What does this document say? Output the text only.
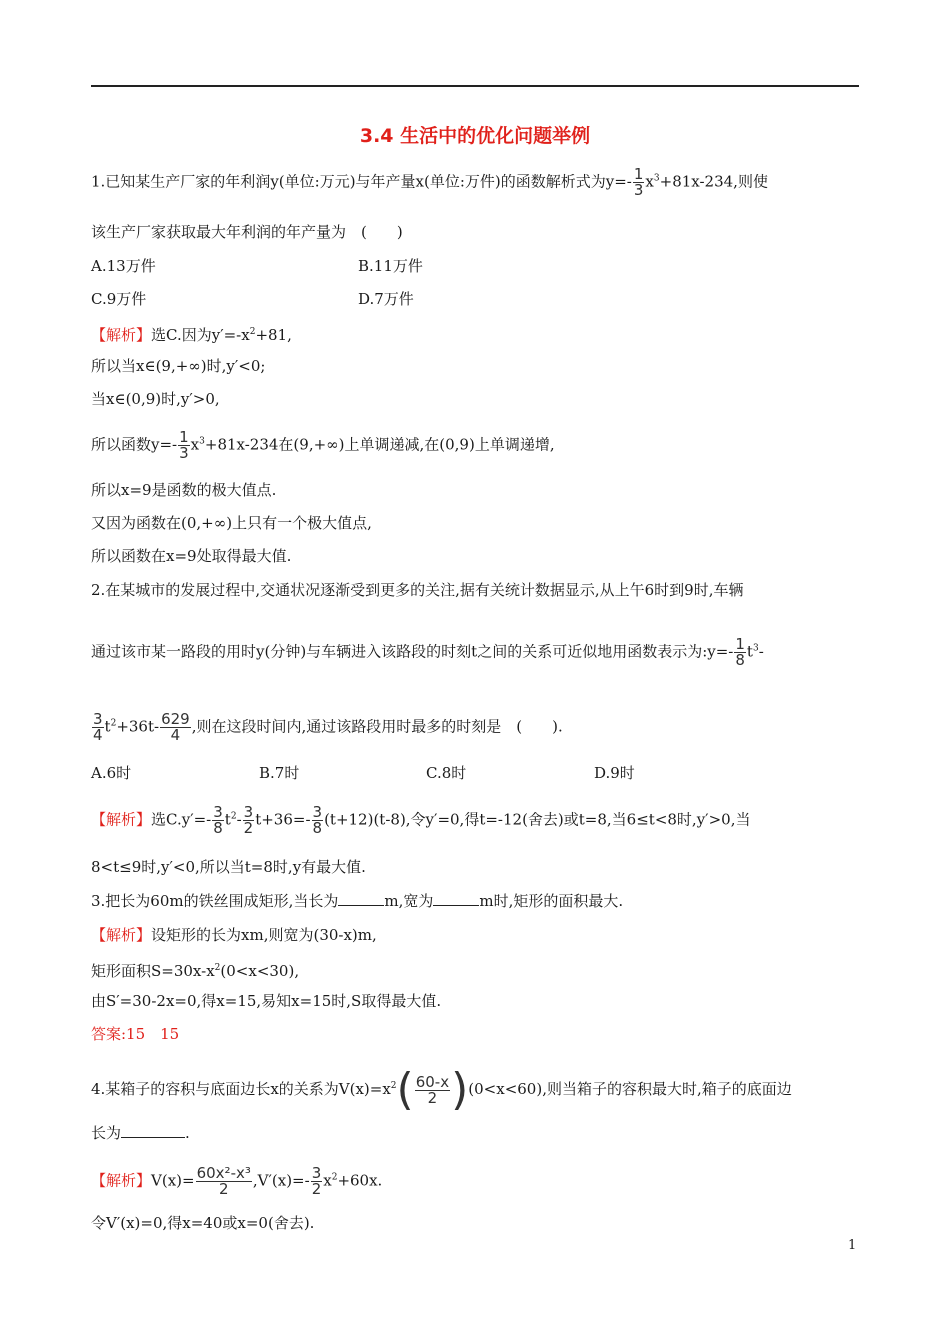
3.4 生活中的优化问题举例
1.已知某生产厂家的年利润y(单位:万元)与年产量x(单位:万件)的函数解析式为$y=- \frac{1}{3} x^3+81x-234$,则使
该生产厂家获取最大年利润的年产量为　(　　)
A.13万件	B.11万件
C.9万件	D.7万件
【解析】选C.因为$y'=-x^2+81$,
所以当x∈(9,+∞)时,y′<0;
当x∈(0,9)时,y′>0,
所以函数$y=- \frac{1}{3} x^3+81x-234$在(9,+∞)上单调递减,在(0,9)上单调递增,
所以x=9是函数的极大值点.
又因为函数在(0,+∞)上只有一个极大值点,
所以函数在x=9处取得最大值.
2.在某城市的发展过程中,交通状况逐渐受到更多的关注,据有关统计数据显示,从上午6时到9时,车辆
通过该市某一路段的用时y(分钟)与车辆进入该路段的时刻t之间的关系可近似地用函数表示为:y=- $\frac{1}{8} t^3-$
$\frac{3}{4} t^2+36t- \frac{629}{4}$ ,则在这段时间内,通过该路段用时最多的时刻是　(　　).
A.6时	B.7时	C.8时	D.9时
【解析】选$C.y'=- \frac{3}{8} t^2- \frac{3}{2} t+36=- \frac{3}{8} (t+12)(t-8)$,令y′=0,得t=-12(舍去)或t=8,当6≤t<8时,y′>0,当
8<t≤9时,y′<0,所以当t=8时,y有最大值.
3.把长为60m的铁丝围成矩形,当长为	m,宽为	m时,矩形的面积最大.
【解析】设矩形的长为xm,则宽为(30-x)m,
矩形面积$S=30x-x^2(0<x<30)$,
由S′=30-2x=0,得x=15,易知x=15时,S取得最大值.
答案:15　15
4.某箱子的容积与底面边长x的关系为$V(x)=x^2( \frac{60-x}{2} )(0<x<60)$,则当箱子的容积最大时,箱子的底面边
长为	.
【解析】$V(x)= \frac{\text{60x²-x³}}{2} ,V'(x)=- \frac{3}{2} x^2+60x$.
令V′(x)=0,得x=40或x=0(舍去).
1
